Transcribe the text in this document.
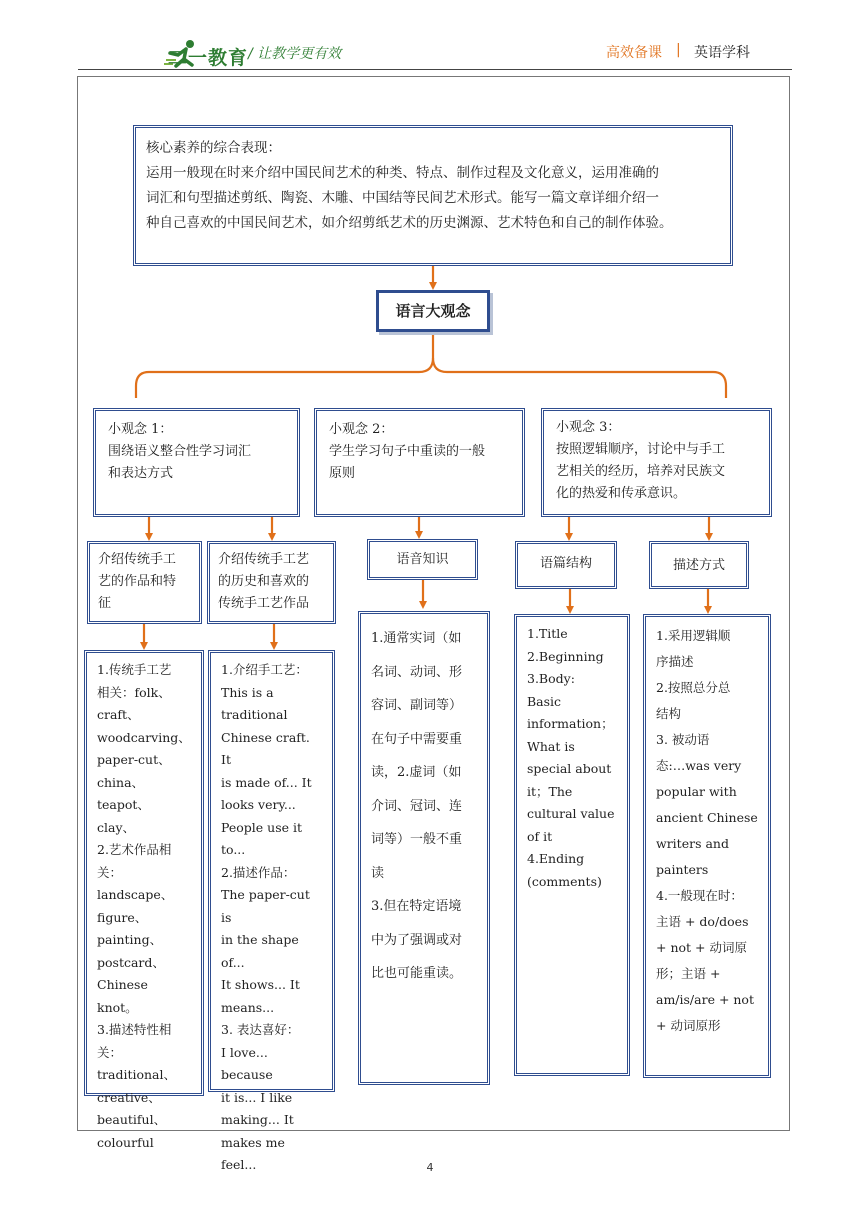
二一教育 / 让教学更有效	高效备课 | 英语学科
核心素养的综合表现：
运用一般现在时来介绍中国民间艺术的种类、特点、制作过程及文化意义，运用准确的
词汇和句型描述剪纸、陶瓷、木雕、中国结等民间艺术形式。能写一篇文章详细介绍一
种自己喜欢的中国民间艺术，如介绍剪纸艺术的历史渊源、艺术特色和自己的制作体验。
语言大观念
小观念 1：
围绕语义整合性学习词汇
和表达方式
小观念 2：
学生学习句子中重读的一般
原则
小观念 3：
按照逻辑顺序，讨论中与手工
艺相关的经历，培养对民族文
化的热爱和传承意识。
介绍传统手工
艺的作品和特
征
介绍传统手工艺
的历史和喜欢的
传统手工艺作品
语音知识	语篇结构	描述方式
1.传统手工艺
相关：folk、
craft、
woodcarving、
paper-cut、
china、teapot、
clay、
2.艺术作品相
关：landscape、
figure、
painting、
postcard、
Chinese knot。
3.描述特性相
关：traditional、
creative、
beautiful、
colourful
1.介绍手工艺：
This is a
traditional
Chinese craft. It
is made of... It
looks very...
People use it
to...
2.描述作品：
The paper-cut is
in the shape of...
It shows... It
means...
3. 表达喜好：
I love... because
it is... I like
making... It
makes me feel...
1.通常实词（如
名词、动词、形
容词、副词等）
在句子中需要重
读，2.虚词（如
介词、冠词、连
词等）一般不重
读
3.但在特定语境
中为了强调或对
比也可能重读。
1.Title
2.Beginning
3.Body:
Basic
information；
What is
special about
it；The
cultural value
of it
4.Ending
(comments)
1.采用逻辑顺
序描述
2.按照总分总
结构
3. 被动语
态:…was very
popular with
ancient Chinese
writers and
painters
4.一般现在时：
主语 + do/does
+ not + 动词原
形；主语 +
am/is/are + not
+ 动词原形
4
